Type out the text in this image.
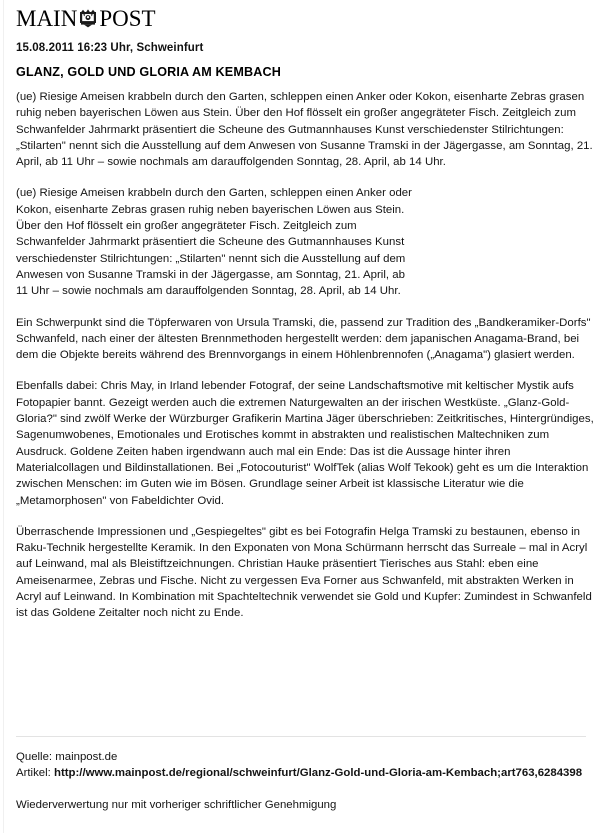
MAIN POST
15.08.2011 16:23 Uhr, Schweinfurt
GLANZ, GOLD UND GLORIA AM KEMBACH

(ue) Riesige Ameisen krabbeln durch den Garten, schleppen einen Anker oder Kokon, eisenharte Zebras grasen ruhig neben bayerischen Löwen aus Stein. Über den Hof flösselt ein großer angegräteter Fisch. Zeitgleich zum Schwanfelder Jahrmarkt präsentiert die Scheune des Gutmannhauses Kunst verschiedenster Stilrichtungen: „Stilarten" nennt sich die Ausstellung auf dem Anwesen von Susanne Tramski in der Jägergasse, am Sonntag, 21. April, ab 11 Uhr – sowie nochmals am darauffolgenden Sonntag, 28. April, ab 14 Uhr.

(ue) Riesige Ameisen krabbeln durch den Garten, schleppen einen Anker oder Kokon, eisenharte Zebras grasen ruhig neben bayerischen Löwen aus Stein. Über den Hof flösselt ein großer angegräteter Fisch. Zeitgleich zum Schwanfelder Jahrmarkt präsentiert die Scheune des Gutmannhauses Kunst verschiedenster Stilrichtungen: „Stilarten" nennt sich die Ausstellung auf dem Anwesen von Susanne Tramski in der Jägergasse, am Sonntag, 21. April, ab 11 Uhr – sowie nochmals am darauffolgenden Sonntag, 28. April, ab 14 Uhr.

Ein Schwerpunkt sind die Töpferwaren von Ursula Tramski, die, passend zur Tradition des „Bandkeramiker-Dorfs" Schwanfeld, nach einer der ältesten Brennmethoden hergestellt werden: dem japanischen Anagama-Brand, bei dem die Objekte bereits während des Brennvorgangs in einem Höhlenbrennofen („Anagama") glasiert werden.

Ebenfalls dabei: Chris May, in Irland lebender Fotograf, der seine Landschaftsmotive mit keltischer Mystik aufs Fotopapier bannt. Gezeigt werden auch die extremen Naturgewalten an der irischen Westküste. „Glanz-Gold-Gloria?" sind zwölf Werke der Würzburger Grafikerin Martina Jäger überschrieben: Zeitkritisches, Hintergründiges, Sagenumwobenes, Emotionales und Erotisches kommt in abstrakten und realistischen Maltechniken zum Ausdruck. Goldene Zeiten haben irgendwann auch mal ein Ende: Das ist die Aussage hinter ihren Materialcollagen und Bildinstallationen. Bei „Fotocouturist" WolfTek (alias Wolf Tekook) geht es um die Interaktion zwischen Menschen: im Guten wie im Bösen. Grundlage seiner Arbeit ist klassische Literatur wie die „Metamorphosen" von Fabeldichter Ovid.

Überraschende Impressionen und „Gespiegeltes" gibt es bei Fotografin Helga Tramski zu bestaunen, ebenso in Raku-Technik hergestellte Keramik. In den Exponaten von Mona Schürmann herrscht das Surreale – mal in Acryl auf Leinwand, mal als Bleistiftzeichnungen. Christian Hauke präsentiert Tierisches aus Stahl: eben eine Ameisenarmee, Zebras und Fische. Nicht zu vergessen Eva Forner aus Schwanfeld, mit abstrakten Werken in Acryl auf Leinwand. In Kombination mit Spachteltechnik verwendet sie Gold und Kupfer: Zumindest in Schwanfeld ist das Goldene Zeitalter noch nicht zu Ende.

Quelle: mainpost.de
Artikel: http://www.mainpost.de/regional/schweinfurt/Glanz-Gold-und-Gloria-am-Kembach;art763,6284398
Wiederverwertung nur mit vorheriger schriftlicher Genehmigung
